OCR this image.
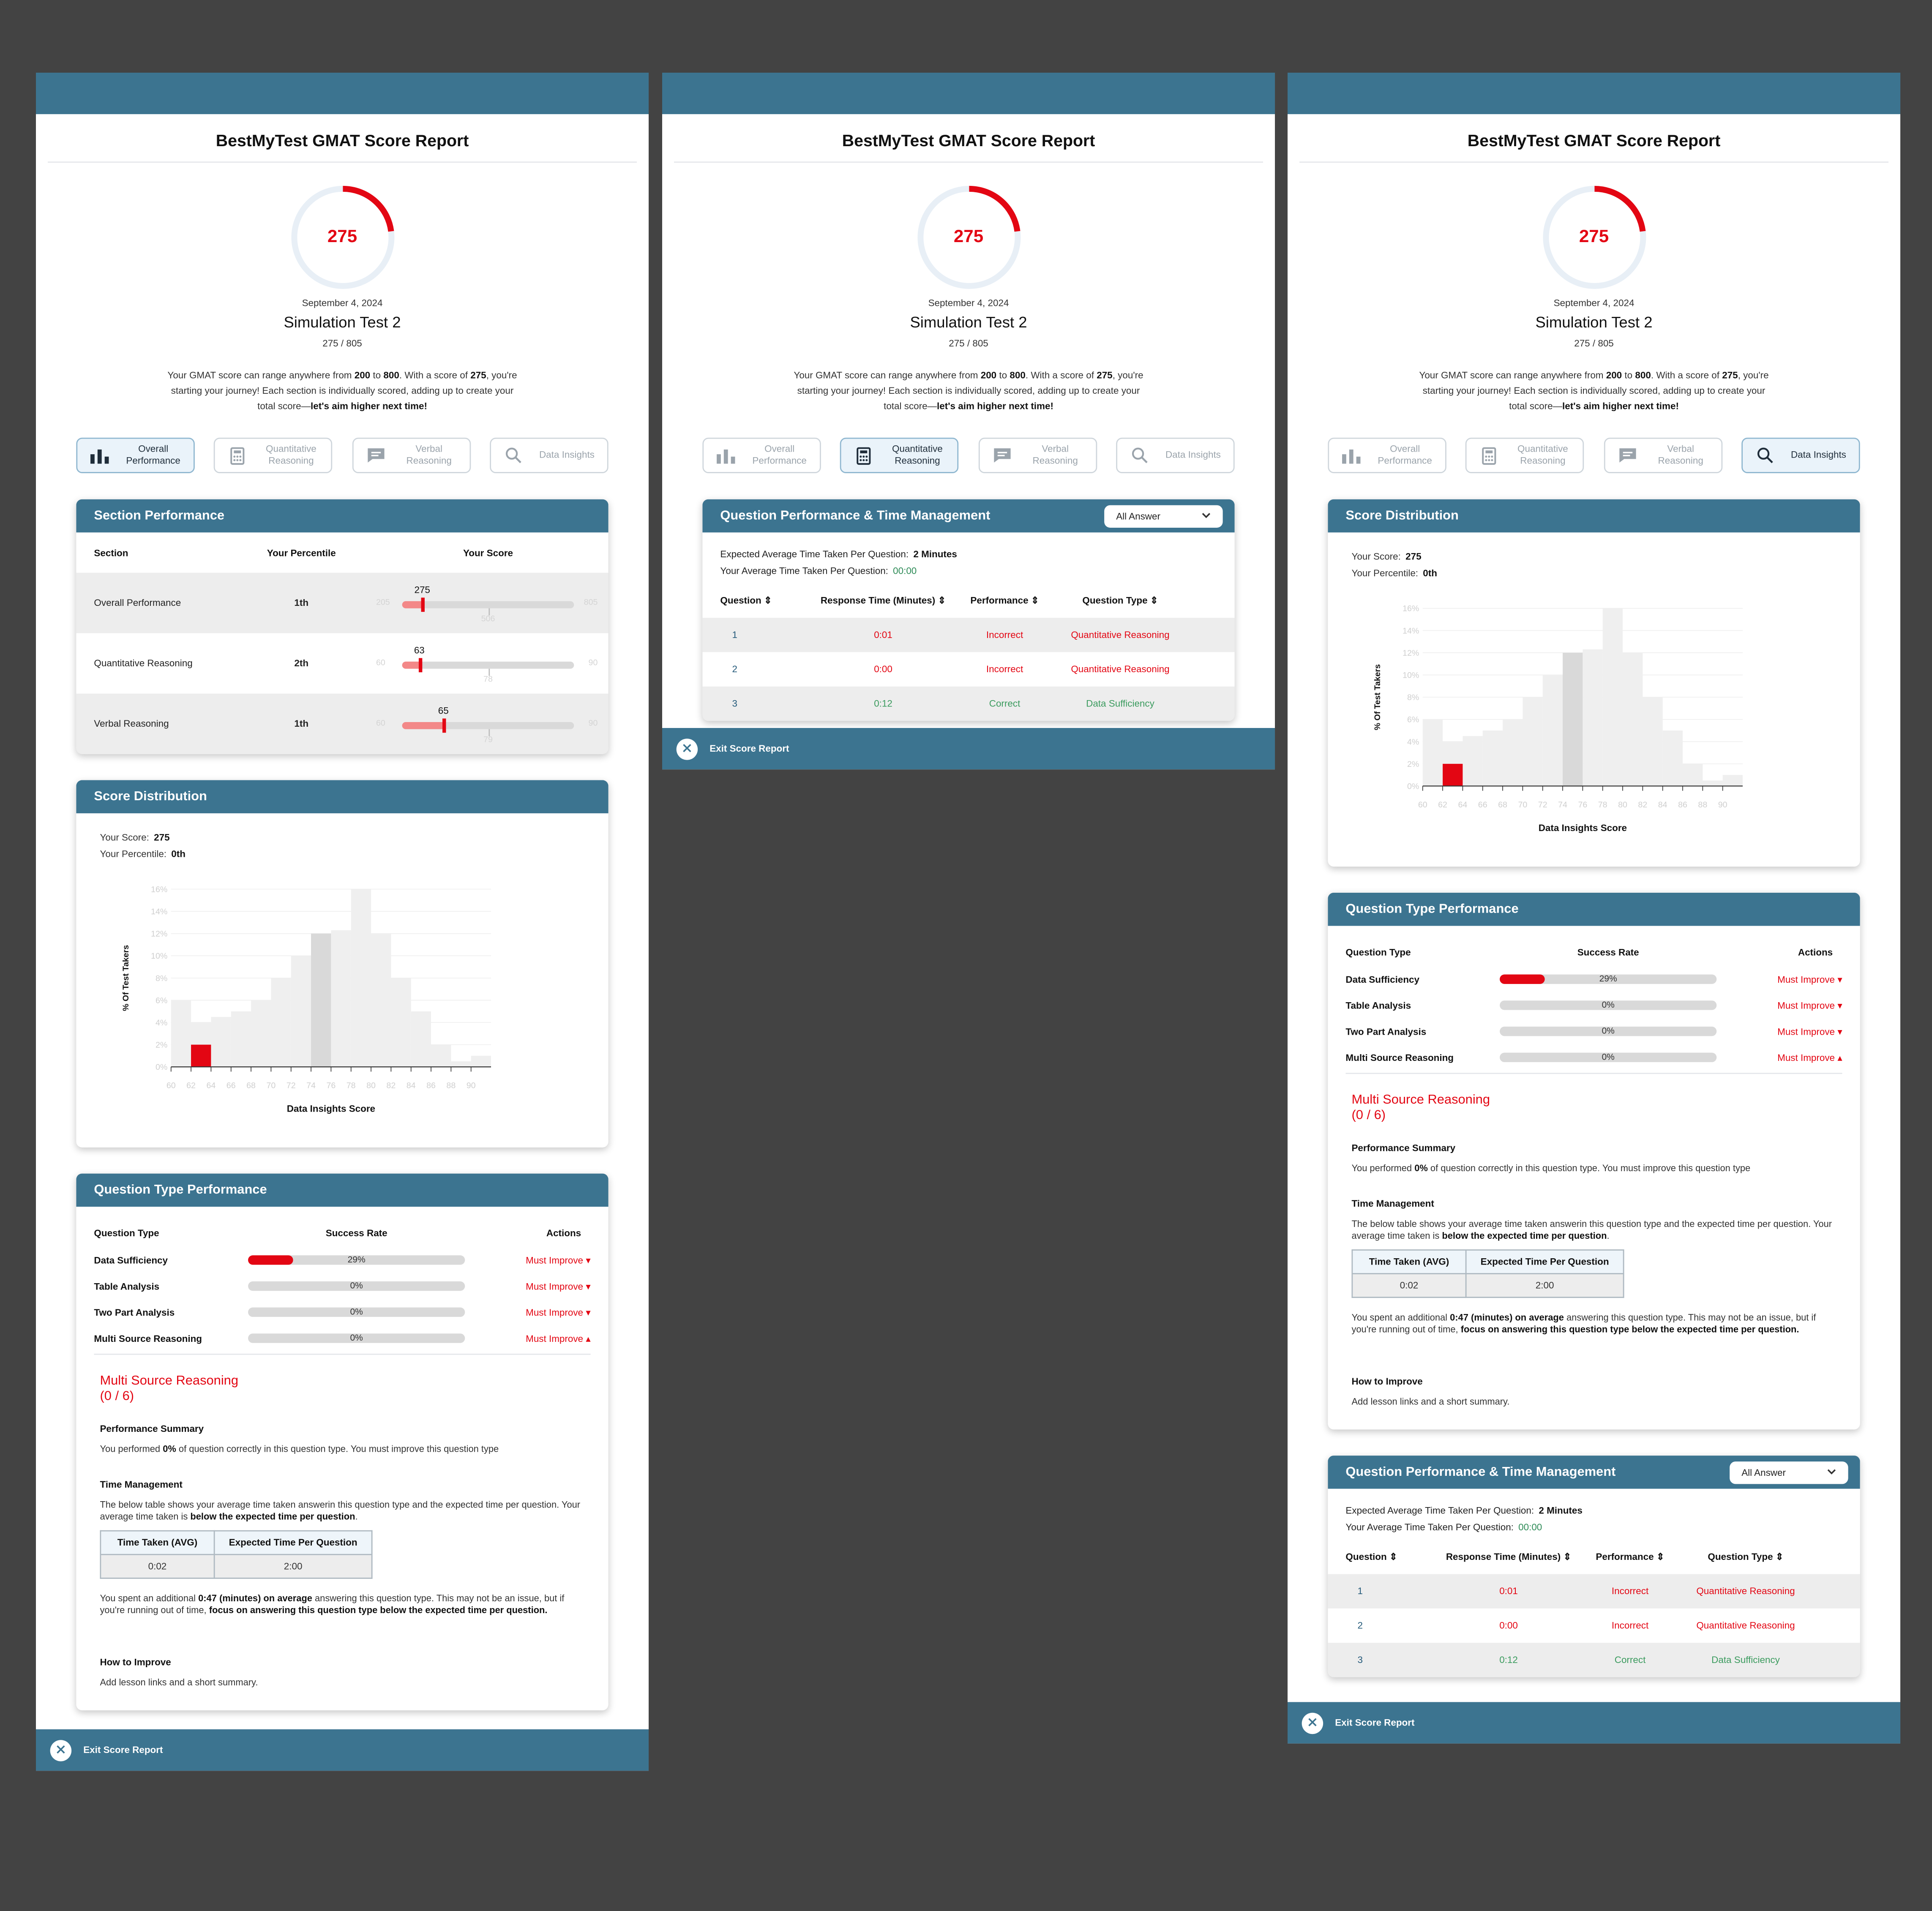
BestMyTest GMAT Score Report
275
September 4, 2024
Simulation Test 2
275 / 805
Your GMAT score can range anywhere from 200 to 800. With a score of 275, you're starting your journey! Each section is individually scored, adding up to create your total score—let's aim higher next time!
Overall Performance
Quantitative Reasoning
Verbal Reasoning
Data Insights
Section Performance
Section	Your Percentile	Your Score
Overall Performance	1th	205
275
506
805
Quantitative Reasoning	2th	60
63
78
90
Verbal Reasoning	1th	60
65
79
90
Score Distribution
Your Score: 275
Your Percentile: 0th
0%
2%
4%
6%
8%
10%
12%
14%
16%
60	62	64	66	68	70	72	74	76	78	80	82	84	86	88	90
Data Insights Score
% Of Test Takers
Question Type Performance
Question Type	Success Rate	Actions
Data Sufficiency	29%	Must Improve ▾
Table Analysis	0%	Must Improve ▾
Two Part Analysis	0%	Must Improve ▾
Multi Source Reasoning	0%	Must Improve ▴
Multi Source Reasoning
(0 / 6)
Performance Summary

You performed 0% of question correctly in this question type. You must improve this question type

Time Management

The below table shows your average time taken answerin this question type and the expected time per question. Your average time taken is below the expected time per question.

Time Taken (AVG)	Expected Time Per Question
0:02	2:00

You spent an additional 0:47 (minutes) on average answering this question type. This may not be an issue, but if you're running out of time, focus on answering this question type below the expected time per question.

How to Improve

Add lesson links and a short summary.

Exit Score Report
BestMyTest GMAT Score Report
275
September 4, 2024
Simulation Test 2
275 / 805
Your GMAT score can range anywhere from 200 to 800. With a score of 275, you're starting your journey! Each section is individually scored, adding up to create your total score—let's aim higher next time!
Overall Performance
Quantitative Reasoning
Verbal Reasoning
Data Insights
Question Performance & Time Management	All Answer
Expected Average Time Taken Per Question: 2 Minutes
Your Average Time Taken Per Question: 00:00
Question ⇕	Response Time (Minutes) ⇕	Performance ⇕	Question Type ⇕
1	0:01	Incorrect	Quantitative Reasoning
2	0:00	Incorrect	Quantitative Reasoning
3	0:12	Correct	Data Sufficiency
Exit Score Report
BestMyTest GMAT Score Report
275
September 4, 2024
Simulation Test 2
275 / 805
Your GMAT score can range anywhere from 200 to 800. With a score of 275, you're starting your journey! Each section is individually scored, adding up to create your total score—let's aim higher next time!
Overall Performance
Quantitative Reasoning
Verbal Reasoning
Data Insights
Score Distribution
Your Score: 275
Your Percentile: 0th
0%
2%
4%
6%
8%
10%
12%
14%
16%
60	62	64	66	68	70	72	74	76	78	80	82	84	86	88	90
Data Insights Score
% Of Test Takers
Question Type Performance
Question Type	Success Rate	Actions
Data Sufficiency	29%	Must Improve ▾
Table Analysis	0%	Must Improve ▾
Two Part Analysis	0%	Must Improve ▾
Multi Source Reasoning	0%	Must Improve ▴
Multi Source Reasoning
(0 / 6)
Performance Summary

You performed 0% of question correctly in this question type. You must improve this question type

Time Management

The below table shows your average time taken answerin this question type and the expected time per question. Your average time taken is below the expected time per question.

Time Taken (AVG)	Expected Time Per Question
0:02	2:00

You spent an additional 0:47 (minutes) on average answering this question type. This may not be an issue, but if you're running out of time, focus on answering this question type below the expected time per question.

How to Improve

Add lesson links and a short summary.

Question Performance & Time Management	All Answer
Expected Average Time Taken Per Question: 2 Minutes
Your Average Time Taken Per Question: 00:00
Question ⇕	Response Time (Minutes) ⇕	Performance ⇕	Question Type ⇕
1	0:01	Incorrect	Quantitative Reasoning
2	0:00	Incorrect	Quantitative Reasoning
3	0:12	Correct	Data Sufficiency
Exit Score Report
